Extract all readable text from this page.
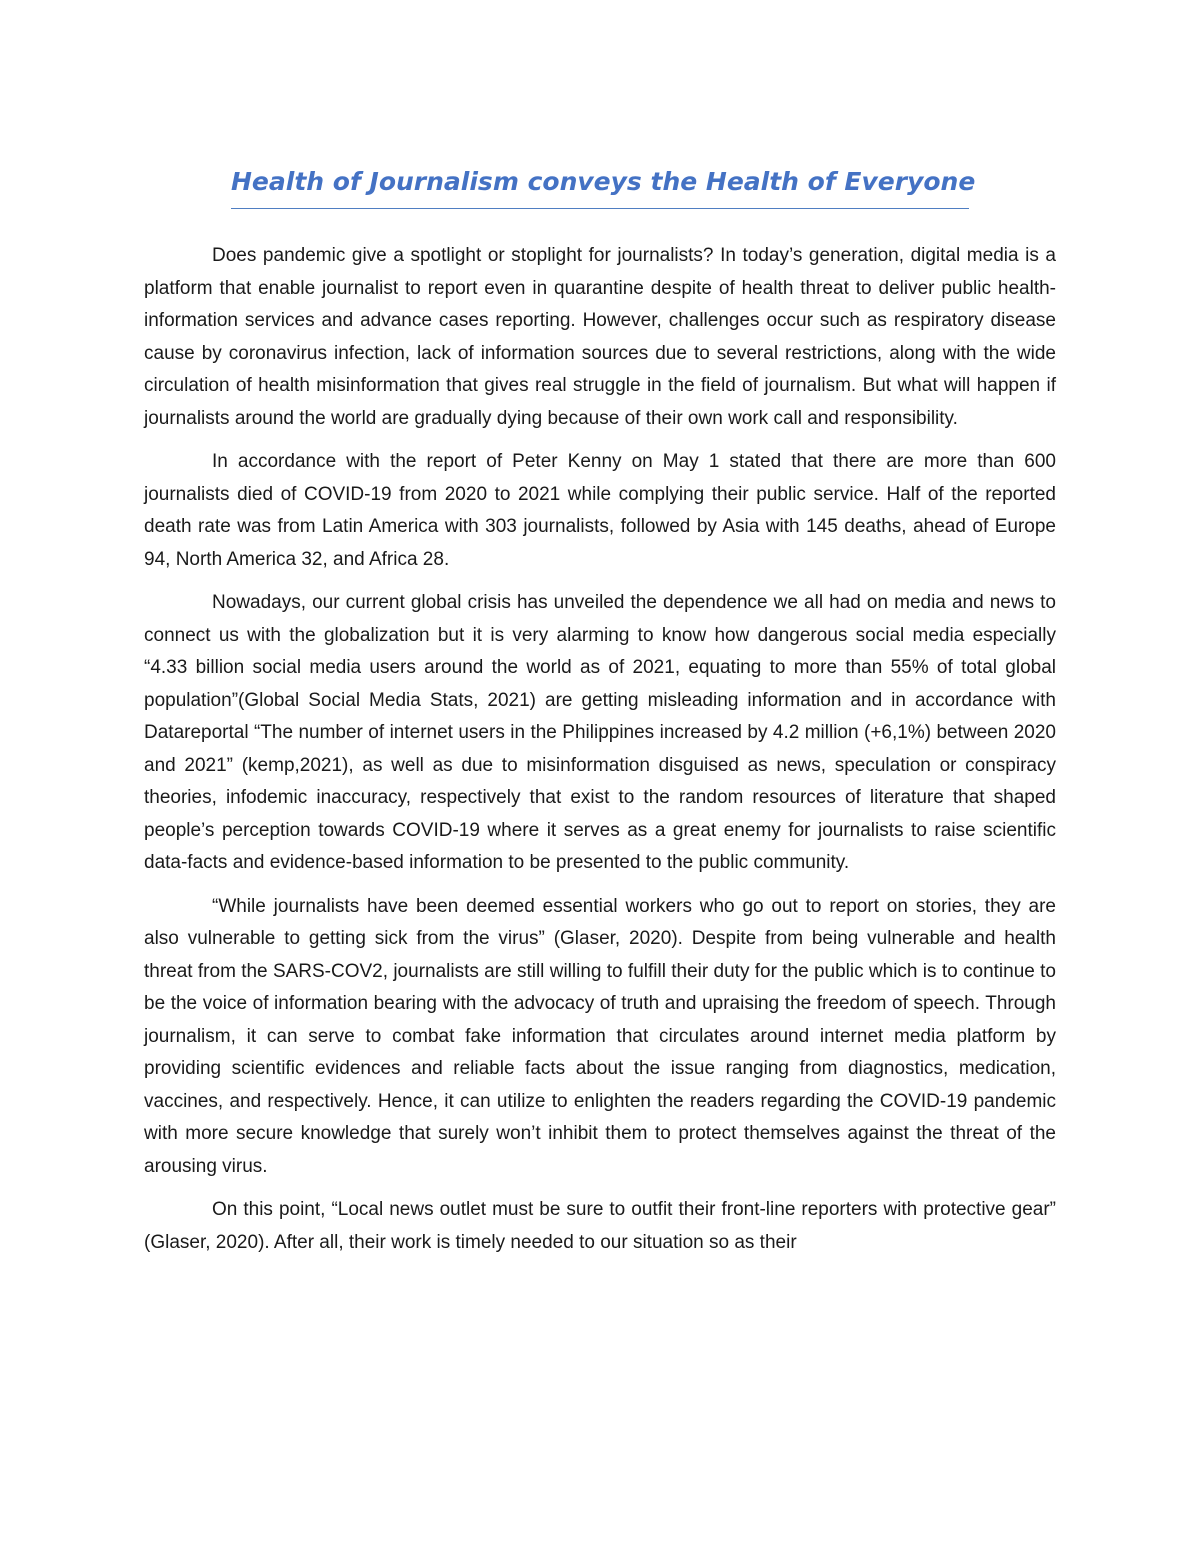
Health of Journalism conveys the Health of Everyone

Does pandemic give a spotlight or stoplight for journalists? In today’s generation, digital media is a platform that enable journalist to report even in quarantine despite of health threat to deliver public health-information services and advance cases reporting. However, challenges occur such as respiratory disease cause by coronavirus infection, lack of information sources due to several restrictions, along with the wide circulation of health misinformation that gives real struggle in the field of journalism. But what will happen if journalists around the world are gradually dying because of their own work call and responsibility.

In accordance with the report of Peter Kenny on May 1 stated that there are more than 600 journalists died of COVID-19 from 2020 to 2021 while complying their public service. Half of the reported death rate was from Latin America with 303 journalists, followed by Asia with 145 deaths, ahead of Europe 94, North America 32, and Africa 28.

Nowadays, our current global crisis has unveiled the dependence we all had on media and news to connect us with the globalization but it is very alarming to know how dangerous social media especially “4.33 billion social media users around the world as of 2021, equating to more than 55% of total global population”(Global Social Media Stats, 2021) are getting misleading information and in accordance with Datareportal “The number of internet users in the Philippines increased by 4.2 million (+6,1%) between 2020 and 2021” (kemp,2021), as well as due to misinformation disguised as news, speculation or conspiracy theories, infodemic inaccuracy, respectively that exist to the random resources of literature that shaped people’s perception towards COVID-19 where it serves as a great enemy for journalists to raise scientific data-facts and evidence-based information to be presented to the public community.

“While journalists have been deemed essential workers who go out to report on stories, they are also vulnerable to getting sick from the virus” (Glaser, 2020). Despite from being vulnerable and health threat from the SARS-COV2, journalists are still willing to fulfill their duty for the public which is to continue to be the voice of information bearing with the advocacy of truth and upraising the freedom of speech. Through journalism, it can serve to combat fake information that circulates around internet media platform by providing scientific evidences and reliable facts about the issue ranging from diagnostics, medication, vaccines, and respectively. Hence, it can utilize to enlighten the readers regarding the COVID-19 pandemic with more secure knowledge that surely won’t inhibit them to protect themselves against the threat of the arousing virus.

On this point, “Local news outlet must be sure to outfit their front-line reporters with protective gear” (Glaser, 2020). After all, their work is timely needed to our situation so as their
